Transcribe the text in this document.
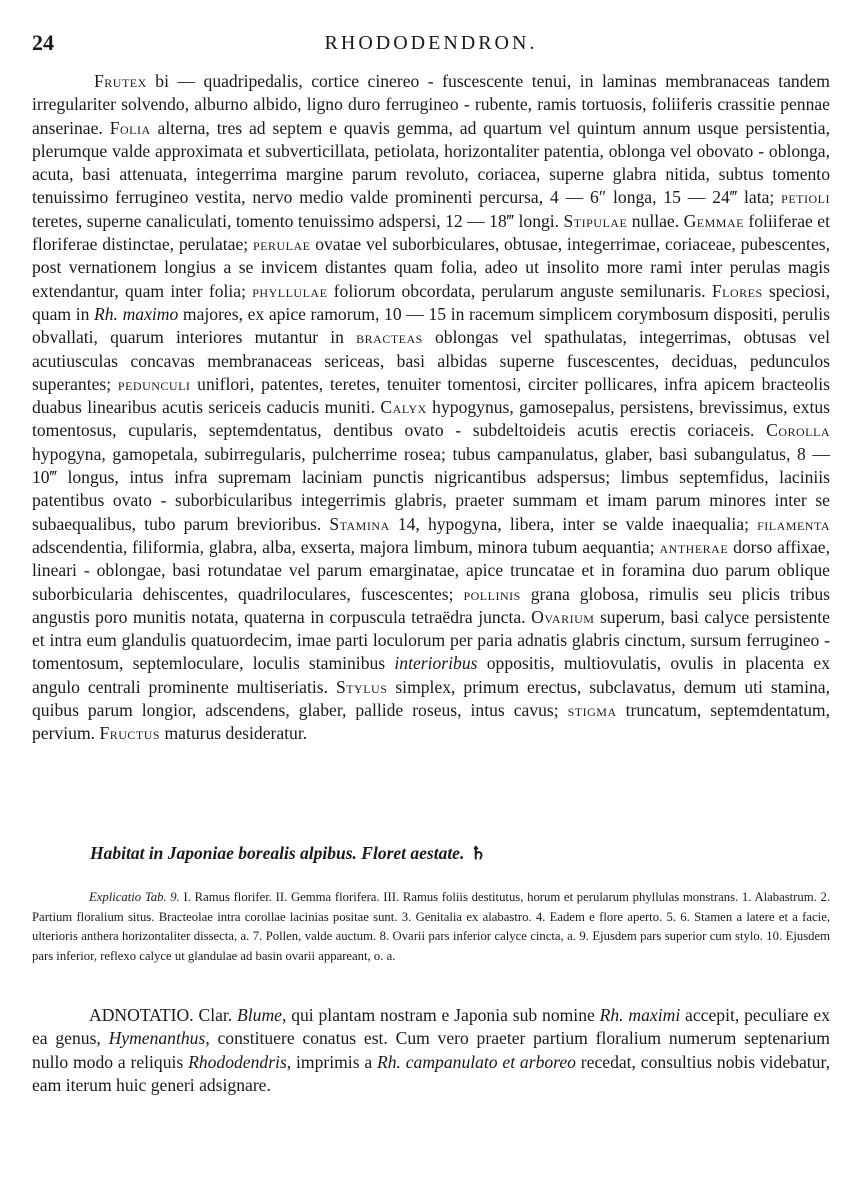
24	RHODODENDRON.

Frutex bi — quadripedalis, cortice cinereo - fuscescente tenui, in laminas membranaceas tandem irregulariter solvendo, alburno albido, ligno duro ferrugineo - rubente, ramis tortuosis, foliiferis crassitie pennae anserinae. Folia alterna, tres ad septem e quavis gemma, ad quartum vel quintum annum usque persistentia, plerumque valde approximata et subverticillata, petiolata, horizontaliter patentia, oblonga vel obovato - oblonga, acuta, basi attenuata, integerrima margine parum revoluto, coriacea, superne glabra nitida, subtus tomento tenuissimo ferrugineo vestita, nervo medio valde prominenti percursa, 4 — 6″ longa, 15 — 24‴ lata; petioli teretes, superne canaliculati, tomento tenuissimo adspersi, 12 — 18‴ longi. Stipulae nullae. Gemmae foliiferae et floriferae distinctae, perulatae; perulae ovatae vel suborbiculares, obtusae, integerrimae, coriaceae, pubescentes, post vernationem longius a se invicem distantes quam folia, adeo ut insolito more rami inter perulas magis extendantur, quam inter folia; phyllulae foliorum obcordata, perularum anguste semilunaris. Flores speciosi, quam in Rh. maximo majores, ex apice ramorum, 10 — 15 in racemum simplicem corymbosum dispositi, perulis obvallati, quarum interiores mutantur in bracteas oblongas vel spathulatas, integerrimas, obtusas vel acutiusculas concavas membranaceas sericeas, basi albidas superne fuscescentes, deciduas, pedunculos superantes; pedunculi uniflori, patentes, teretes, tenuiter tomentosi, circiter pollicares, infra apicem bracteolis duabus linearibus acutis sericeis caducis muniti. Calyx hypogynus, gamosepalus, persistens, brevissimus, extus tomentosus, cupularis, septemdentatus, dentibus ovato - subdeltoideis acutis erectis coriaceis. Corolla hypogyna, gamopetala, subirregularis, pulcherrime rosea; tubus campanulatus, glaber, basi subangulatus, 8 — 10‴ longus, intus infra supremam laciniam punctis nigricantibus adspersus; limbus septemfidus, laciniis patentibus ovato - suborbicularibus integerrimis glabris, praeter summam et imam parum minores inter se subaequalibus, tubo parum brevioribus. Stamina 14, hypogyna, libera, inter se valde inaequalia; filamenta adscendentia, filiformia, glabra, alba, exserta, majora limbum, minora tubum aequantia; antherae dorso affixae, lineari - oblongae, basi rotundatae vel parum emarginatae, apice truncatae et in foramina duo parum oblique suborbicularia dehiscentes, quadriloculares, fuscescentes; pollinis grana globosa, rimulis seu plicis tribus angustis poro munitis notata, quaterna in corpuscula tetraëdra juncta. Ovarium superum, basi calyce persistente et intra eum glandulis quatuordecim, imae parti loculorum per paria adnatis glabris cinctum, sursum ferrugineo - tomentosum, septemloculare, loculis staminibus interioribus oppositis, multiovulatis, ovulis in placenta ex angulo centrali prominente multiseriatis. Stylus simplex, primum erectus, subclavatus, demum uti stamina, quibus parum longior, adscendens, glaber, pallide roseus, intus cavus; stigma truncatum, septemdentatum, pervium. Fructus maturus desideratur.

Habitat in Japoniae borealis alpibus. Floret aestate. ♄

Explicatio Tab. 9. I. Ramus florifer. II. Gemma florifera. III. Ramus foliis destitutus, horum et perularum phyllulas monstrans. 1. Alabastrum. 2. Partium floralium situs. Bracteolae intra corollae lacinias positae sunt. 3. Genitalia ex alabastro. 4. Eadem e flore aperto. 5. 6. Stamen a latere et a facie, ulterioris anthera horizontaliter dissecta, a. 7. Pollen, valde auctum. 8. Ovarii pars inferior calyce cincta, a. 9. Ejusdem pars superior cum stylo. 10. Ejusdem pars inferior, reflexo calyce ut glandulae ad basin ovarii appareant, o. a.

ADNOTATIO. Clar. Blume, qui plantam nostram e Japonia sub nomine Rh. maximi accepit, peculiare ex ea genus, Hymenanthus, constituere conatus est. Cum vero praeter partium floralium numerum septenarium nullo modo a reliquis Rhododendris, imprimis a Rh. campanulato et arboreo recedat, consultius nobis videbatur, eam iterum huic generi adsignare.
